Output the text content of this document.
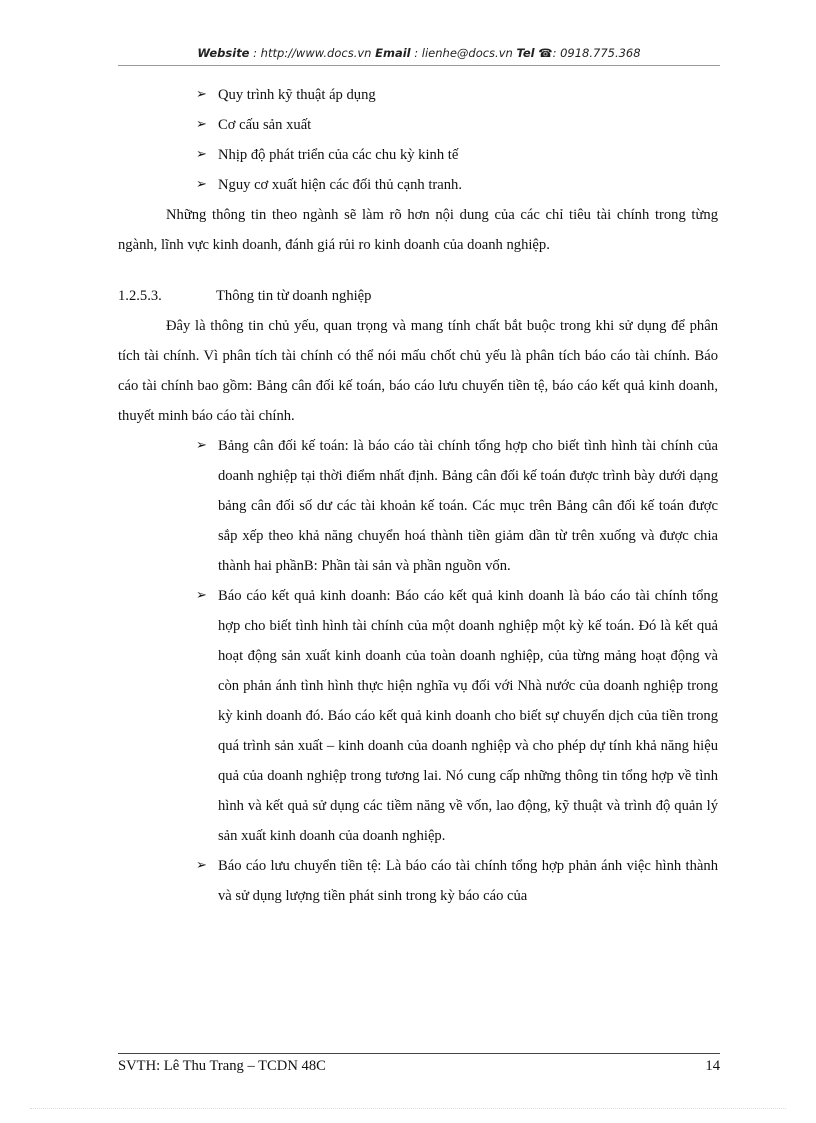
Website : http://www.docs.vn Email : lienhe@docs.vn Tel ☎: 0918.775.368
➢ Quy trình kỹ thuật áp dụng
➢ Cơ cấu sản xuất
➢ Nhịp độ phát triển của các chu kỳ kinh tế
➢ Nguy cơ xuất hiện các đối thủ cạnh tranh.

Những thông tin theo ngành sẽ làm rõ hơn nội dung của các chỉ tiêu tài chính trong từng ngành, lĩnh vực kinh doanh, đánh giá rủi ro kinh doanh của doanh nghiệp.

1.2.5.3.	Thông tin từ doanh nghiệp

Đây là thông tin chủ yếu, quan trọng và mang tính chất bắt buộc trong khi sử dụng để phân tích tài chính. Vì phân tích tài chính có thể nói mấu chốt chủ yếu là phân tích báo cáo tài chính. Báo cáo tài chính bao gồm: Bảng cân đối kế toán, báo cáo lưu chuyển tiền tệ, báo cáo kết quả kinh doanh, thuyết minh báo cáo tài chính.

➢ Bảng cân đối kế toán: là báo cáo tài chính tổng hợp cho biết tình hình tài chính của doanh nghiệp tại thời điểm nhất định. Bảng cân đối kế toán được trình bày dưới dạng bảng cân đối số dư các tài khoản kế toán. Các mục trên Bảng cân đối kế toán được sắp xếp theo khả năng chuyển hoá thành tiền giảm dần từ trên xuống và được chia thành hai phầnB: Phần tài sản và phần nguồn vốn.
➢ Báo cáo kết quả kinh doanh: Báo cáo kết quả kinh doanh là báo cáo tài chính tổng hợp cho biết tình hình tài chính của một doanh nghiệp một kỳ kế toán. Đó là kết quả hoạt động sản xuất kinh doanh của toàn doanh nghiệp, của từng mảng hoạt động và còn phản ánh tình hình thực hiện nghĩa vụ đối với Nhà nước của doanh nghiệp trong kỳ kinh doanh đó. Báo cáo kết quả kinh doanh cho biết sự chuyển dịch của tiền trong quá trình sản xuất – kinh doanh của doanh nghiệp và cho phép dự tính khả năng hiệu quả của doanh nghiệp trong tương lai. Nó cung cấp những thông tin tổng hợp về tình hình và kết quả sử dụng các tiềm năng về vốn, lao động, kỹ thuật và trình độ quản lý sản xuất kinh doanh của doanh nghiệp.
➢ Báo cáo lưu chuyển tiền tệ: Là báo cáo tài chính tổng hợp phản ánh việc hình thành và sử dụng lượng tiền phát sinh trong kỳ báo cáo của
SVTH: Lê Thu Trang – TCDN 48C	14
